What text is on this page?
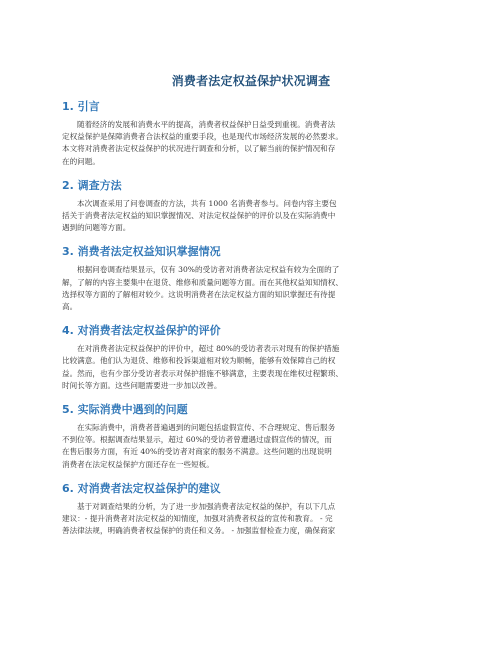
消费者法定权益保护状况调查
1. 引言

随着经济的发展和消费水平的提高，消费者权益保护日益受到重视。消费者法
定权益保护是保障消费者合法权益的重要手段，也是现代市场经济发展的必然要求。
本文将对消费者法定权益保护的状况进行调查和分析，以了解当前的保护情况和存
在的问题。

2. 调查方法

本次调查采用了问卷调查的方法，共有 1000 名消费者参与。问卷内容主要包
括关于消费者法定权益的知识掌握情况、对法定权益保护的评价以及在实际消费中
遇到的问题等方面。

3. 消费者法定权益知识掌握情况

根据问卷调查结果显示，仅有 30%的受访者对消费者法定权益有较为全面的了
解，了解的内容主要集中在退货、维修和质量问题等方面。而在其他权益知知情权、
选择权等方面的了解相对较少。这说明消费者在法定权益方面的知识掌握还有待提
高。

4. 对消费者法定权益保护的评价

在对消费者法定权益保护的评价中，超过 80%的受访者表示对现有的保护措施
比较满意。他们认为退货、维修和投诉渠道相对较为顺畅，能够有效保障自己的权
益。然而，也有少部分受访者表示对保护措施不够满意，主要表现在维权过程繁琐、
时间长等方面。这些问题需要进一步加以改善。

5. 实际消费中遇到的问题

在实际消费中，消费者普遍遇到的问题包括虚假宣传、不合理规定、售后服务
不到位等。根据调查结果显示，超过 60%的受访者曾遭遇过虚假宣传的情况，而
在售后服务方面，有近 40%的受访者对商家的服务不满意。这些问题的出现说明
消费者在法定权益保护方面还存在一些短板。

6. 对消费者法定权益保护的建议

基于对调查结果的分析，为了进一步加强消费者法定权益的保护，有以下几点
建议：- 提升消费者对法定权益的知情度，加强对消费者权益的宣传和教育。 - 完
善法律法规，明确消费者权益保护的责任和义务。 - 加强监督检查力度，确保商家
